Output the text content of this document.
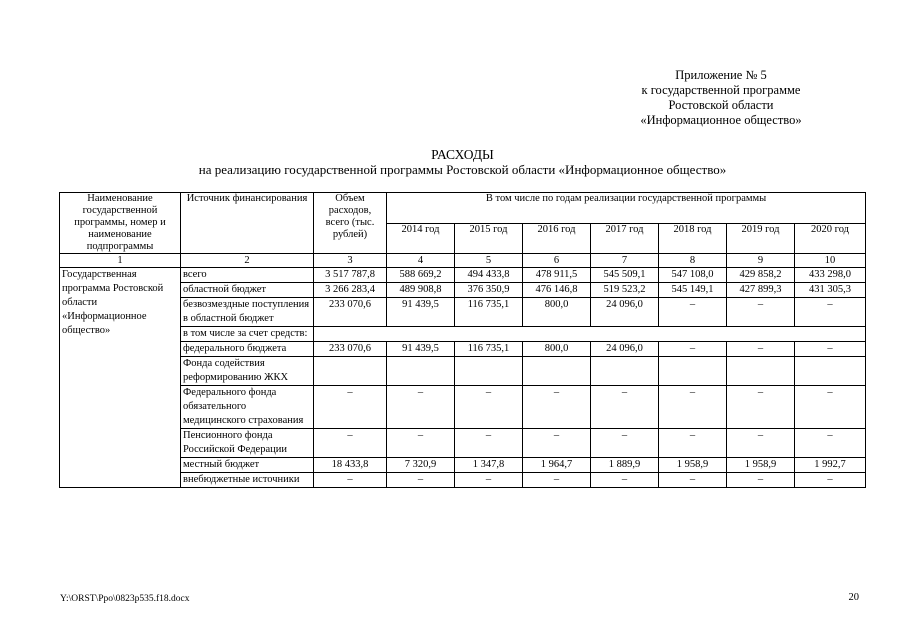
Приложение № 5
к государственной программе
Ростовской области
«Информационное общество»
РАСХОДЫ
на реализацию государственной программы Ростовской области «Информационное общество»
Наименование государственной программы, номер и наименование подпрограммы	Источник финансирования	Объем расходов, всего (тыс. рублей)	В том числе по годам реализации государственной программы						
			2014 год	2015 год	2016 год	2017 год	2018 год	2019 год	2020 год
1	2	3	4	5	6	7	8	9	10
Государственная программа Ростовской области «Информационное общество»	всего	3 517 787,8	588 669,2	494 433,8	478 911,5	545 509,1	547 108,0	429 858,2	433 298,0
	областной бюджет	3 266 283,4	489 908,8	376 350,9	476 146,8	519 523,2	545 149,1	427 899,3	431 305,3
	безвозмездные поступления в областной бюджет	233 070,6	91 439,5	116 735,1	800,0	24 096,0	–	–	–
	в том числе за счет средств:								
	федерального бюджета	233 070,6	91 439,5	116 735,1	800,0	24 096,0	–	–	–
	Фонда содействия реформированию ЖКХ								
	Федерального фонда обязательного медицинского страхования	–	–	–	–	–	–	–	–
	Пенсионного фонда Российской Федерации	–	–	–	–	–	–	–	–
	местный бюджет	18 433,8	7 320,9	1 347,8	1 964,7	1 889,9	1 958,9	1 958,9	1 992,7
	внебюджетные источники	–	–	–	–	–	–	–	–
Y:\ORST\Ppo\0823p535.f18.docx	20
